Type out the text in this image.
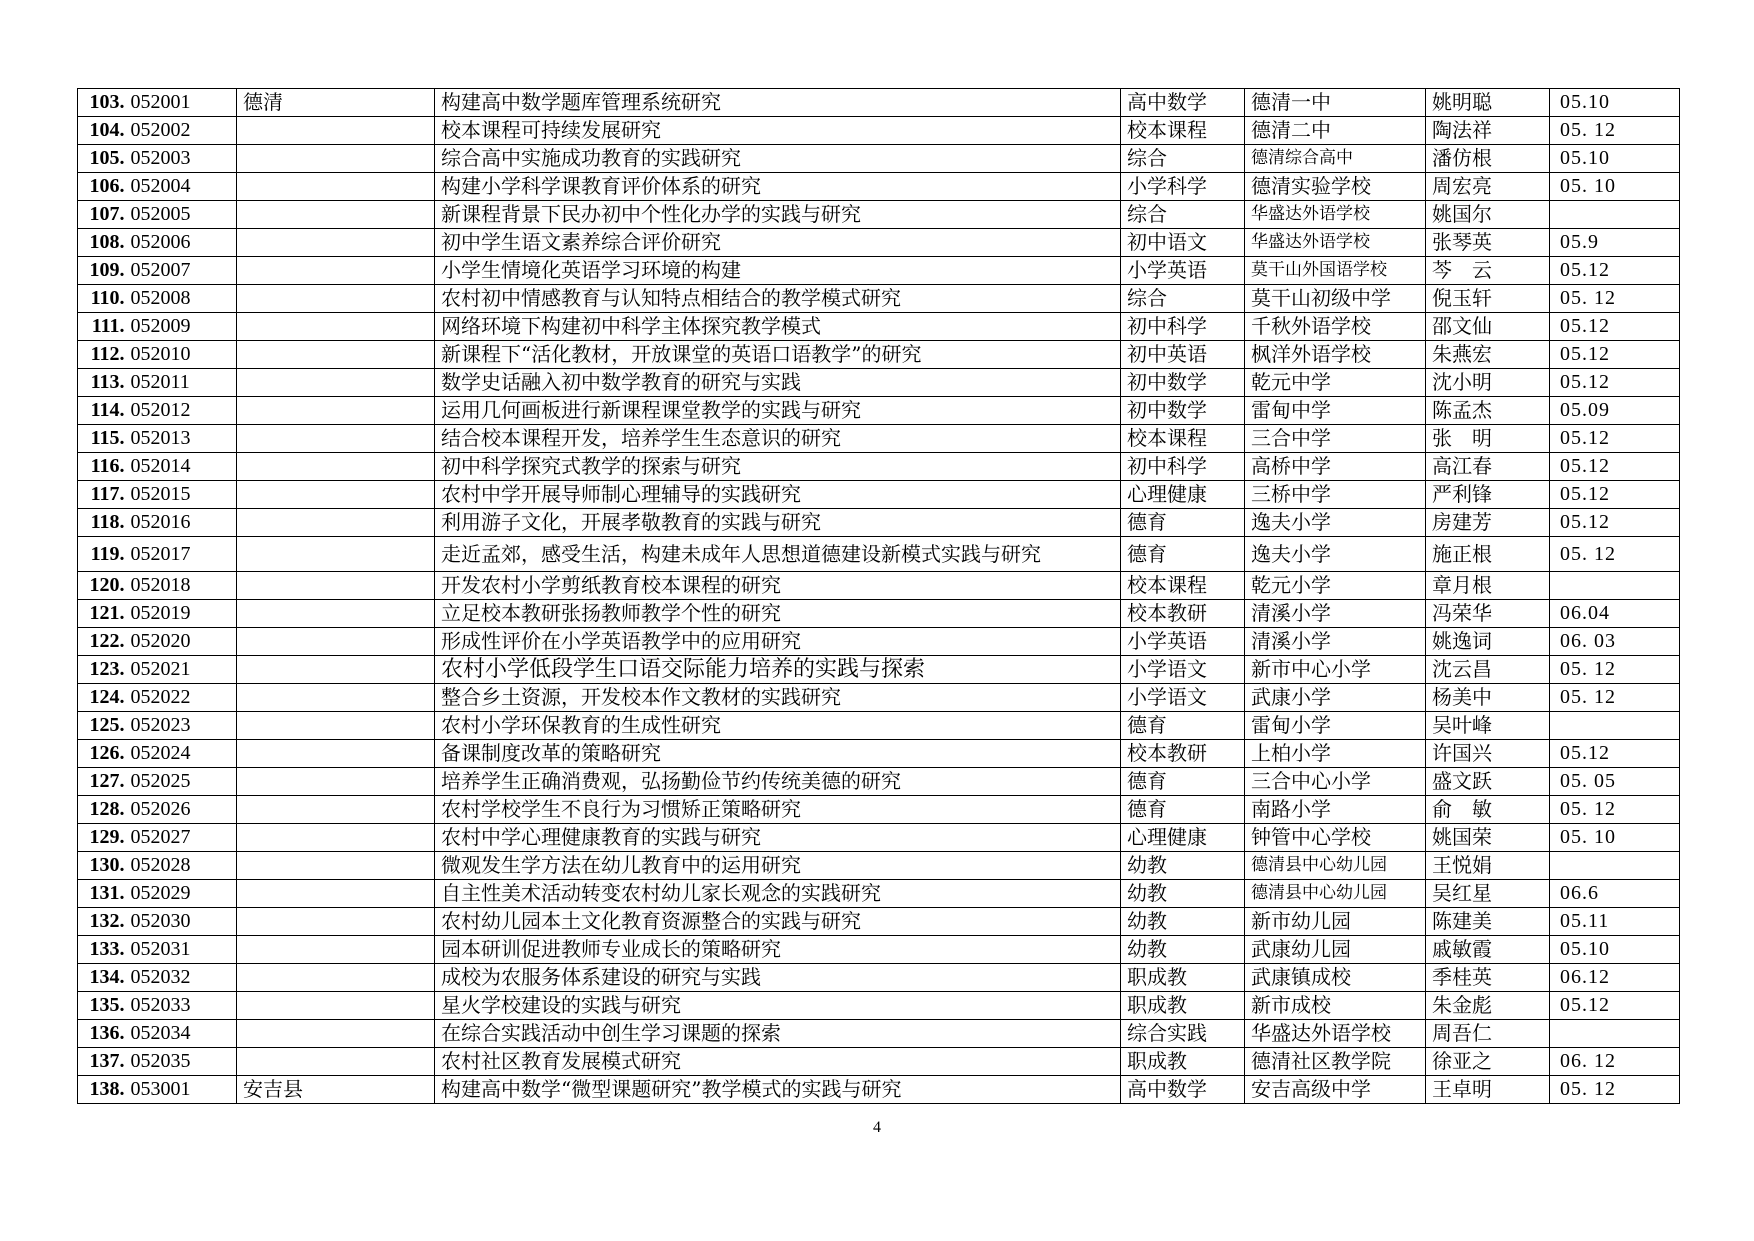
103.	052001	德清	构建高中数学题库管理系统研究	高中数学	德清一中	姚明聪	05.10
104.	052002		校本课程可持续发展研究	校本课程	德清二中	陶法祥	05. 12
105.	052003		综合高中实施成功教育的实践研究	综合	德清综合高中	潘仿根	05.10
106.	052004		构建小学科学课教育评价体系的研究	小学科学	德清实验学校	周宏亮	05. 10
107.	052005		新课程背景下民办初中个性化办学的实践与研究	综合	华盛达外语学校	姚国尔	
108.	052006		初中学生语文素养综合评价研究	初中语文	华盛达外语学校	张琴英	05.9
109.	052007		小学生情境化英语学习环境的构建	小学英语	莫干山外国语学校	芩　云	05.12
110.	052008		农村初中情感教育与认知特点相结合的教学模式研究	综合	莫干山初级中学	倪玉轩	05. 12
111.	052009		网络环境下构建初中科学主体探究教学模式	初中科学	千秋外语学校	邵文仙	05.12
112.	052010		新课程下“活化教材，开放课堂的英语口语教学”的研究	初中英语	枫洋外语学校	朱燕宏	05.12
113.	052011		数学史话融入初中数学教育的研究与实践	初中数学	乾元中学	沈小明	05.12
114.	052012		运用几何画板进行新课程课堂教学的实践与研究	初中数学	雷甸中学	陈孟杰	05.09
115.	052013		结合校本课程开发，培养学生生态意识的研究	校本课程	三合中学	张　明	05.12
116.	052014		初中科学探究式教学的探索与研究	初中科学	高桥中学	高江春	05.12
117.	052015		农村中学开展导师制心理辅导的实践研究	心理健康	三桥中学	严利锋	05.12
118.	052016		利用游子文化，开展孝敬教育的实践与研究	德育	逸夫小学	房建芳	05.12
119.	052017		走近孟郊，感受生活，构建未成年人思想道德建设新模式实践与研究	德育	逸夫小学	施正根	05. 12
120.	052018		开发农村小学剪纸教育校本课程的研究	校本课程	乾元小学	章月根	
121.	052019		立足校本教研张扬教师教学个性的研究	校本教研	清溪小学	冯荣华	06.04
122.	052020		形成性评价在小学英语教学中的应用研究	小学英语	清溪小学	姚逸词	06. 03
123.	052021		农村小学低段学生口语交际能力培养的实践与探索	小学语文	新市中心小学	沈云昌	05. 12
124.	052022		整合乡土资源，开发校本作文教材的实践研究	小学语文	武康小学	杨美中	05. 12
125.	052023		农村小学环保教育的生成性研究	德育	雷甸小学	吴叶峰	
126.	052024		备课制度改革的策略研究	校本教研	上柏小学	许国兴	05.12
127.	052025		培养学生正确消费观，弘扬勤俭节约传统美德的研究	德育	三合中心小学	盛文跃	05. 05
128.	052026		农村学校学生不良行为习惯矫正策略研究	德育	南路小学	俞　敏	05. 12
129.	052027		农村中学心理健康教育的实践与研究	心理健康	钟管中心学校	姚国荣	05. 10
130.	052028		微观发生学方法在幼儿教育中的运用研究	幼教	德清县中心幼儿园	王悦娟	
131.	052029		自主性美术活动转变农村幼儿家长观念的实践研究	幼教	德清县中心幼儿园	吴红星	06.6
132.	052030		农村幼儿园本土文化教育资源整合的实践与研究	幼教	新市幼儿园	陈建美	05.11
133.	052031		园本研训促进教师专业成长的策略研究	幼教	武康幼儿园	戚敏霞	05.10
134.	052032		成校为农服务体系建设的研究与实践	职成教	武康镇成校	季桂英	06.12
135.	052033		星火学校建设的实践与研究	职成教	新市成校	朱金彪	05.12
136.	052034		在综合实践活动中创生学习课题的探索	综合实践	华盛达外语学校	周吾仁	
137.	052035		农村社区教育发展模式研究	职成教	德清社区教学院	徐亚之	06. 12
138.	053001	安吉县	构建高中数学“微型课题研究”教学模式的实践与研究	高中数学	安吉高级中学	王卓明	05. 12
4
